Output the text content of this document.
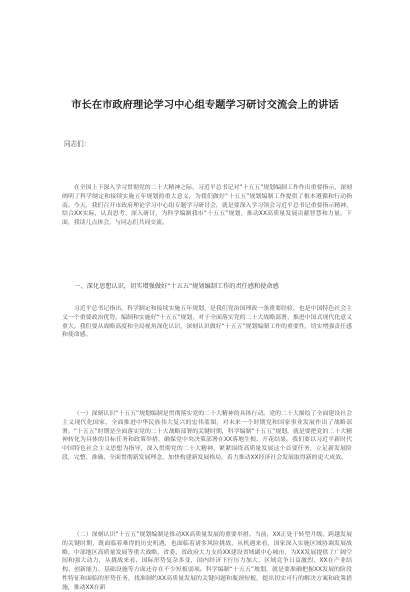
市长在市政府理论学习中心组专题学习研讨交流会上的讲话
同志们：

在全国上下深入学习贯彻党的二十大精神之际，习近平总书记对“十五五”规划编制工作作出重要指示，深刻阐明了科学制定和接续实施五年规划的重大意义，为我们做好“十五五”规划编制工作提供了根本遵循和行动指南。今天，我们召开市政府理论学习中心组专题学习研讨会，就是要深入学习领会习近平总书记重要指示精神，结合XX实际，认真思考、深入研讨，为科学编制我市“十五五”规划，推动XX高质量发展贡献智慧和力量。下面，我谈几点体会，与同志们共同交流。

一、深化思想认识，切实增强做好“十五五”规划编制工作的责任感和使命感

习近平总书记指出，科学制定和接续实施五年规划，是我们党治国理政一条重要经验，也是中国特色社会主义一个重要政治优势。编制和实施好“十五五”规划，对于全面落实党的二十大战略部署、推进中国式现代化意义重大。我们要从战略高度和全局视角深化认识，深刻认识做好“十五五”规划编制工作的重要性，切实增强责任感和使命感。

（一）深刻认识“十五五”规划编制是贯彻落实党的二十大精神的具体行动。党的二十大描绘了全面建设社会主义现代化国家、全面推进中华民族伟大复兴的宏伟蓝图，对未来一个时期党和国家事业发展作出了战略部署。“十五五”时期是全面落实党的二十大战略部署的关键时期，科学编制“十五五”规划，就是要把党的二十大精神转化为具体的目标任务和政策举措，确保党中央决策部署在XX落地生根、开花结果。我们要以习近平新时代中国特色社会主义思想为指导，深入贯彻党的二十大精神，紧紧围绕高质量发展这个首要任务，立足新发展阶段，完整、准确、全面贯彻新发展理念，加快构建新发展格局，着力推动XX经济社会发展取得新的更大成效。

（二）深刻认识“十五五”规划编制是推动XX高质量发展的重要举措。当前，XX正处于转型升级、跨越发展的关键时期，既面临着难得的历史机遇，也面临着诸多风险挑战，从机遇来看，国家深入实施区域协调发展战略，中部地区高质量发展等重大战略，省委、省政府大力支持XX建设省域副中心城市，为XX发展提供了广阔空间和强大动力，从挑战来看，国际形势复杂多变，国内经济下行压力加大，区域竞争日益激烈，XX在产业结构、创新能力、基础设施等方面还存在不少短板弱项。科学编制“十五五”规划，就是要准确把握XX发展的阶段性特征和面临的形势任务，找准制约XX高质量发展的关键问题和瓶颈短板，提出切实可行的解决方案和政策措施，推动XX在新
